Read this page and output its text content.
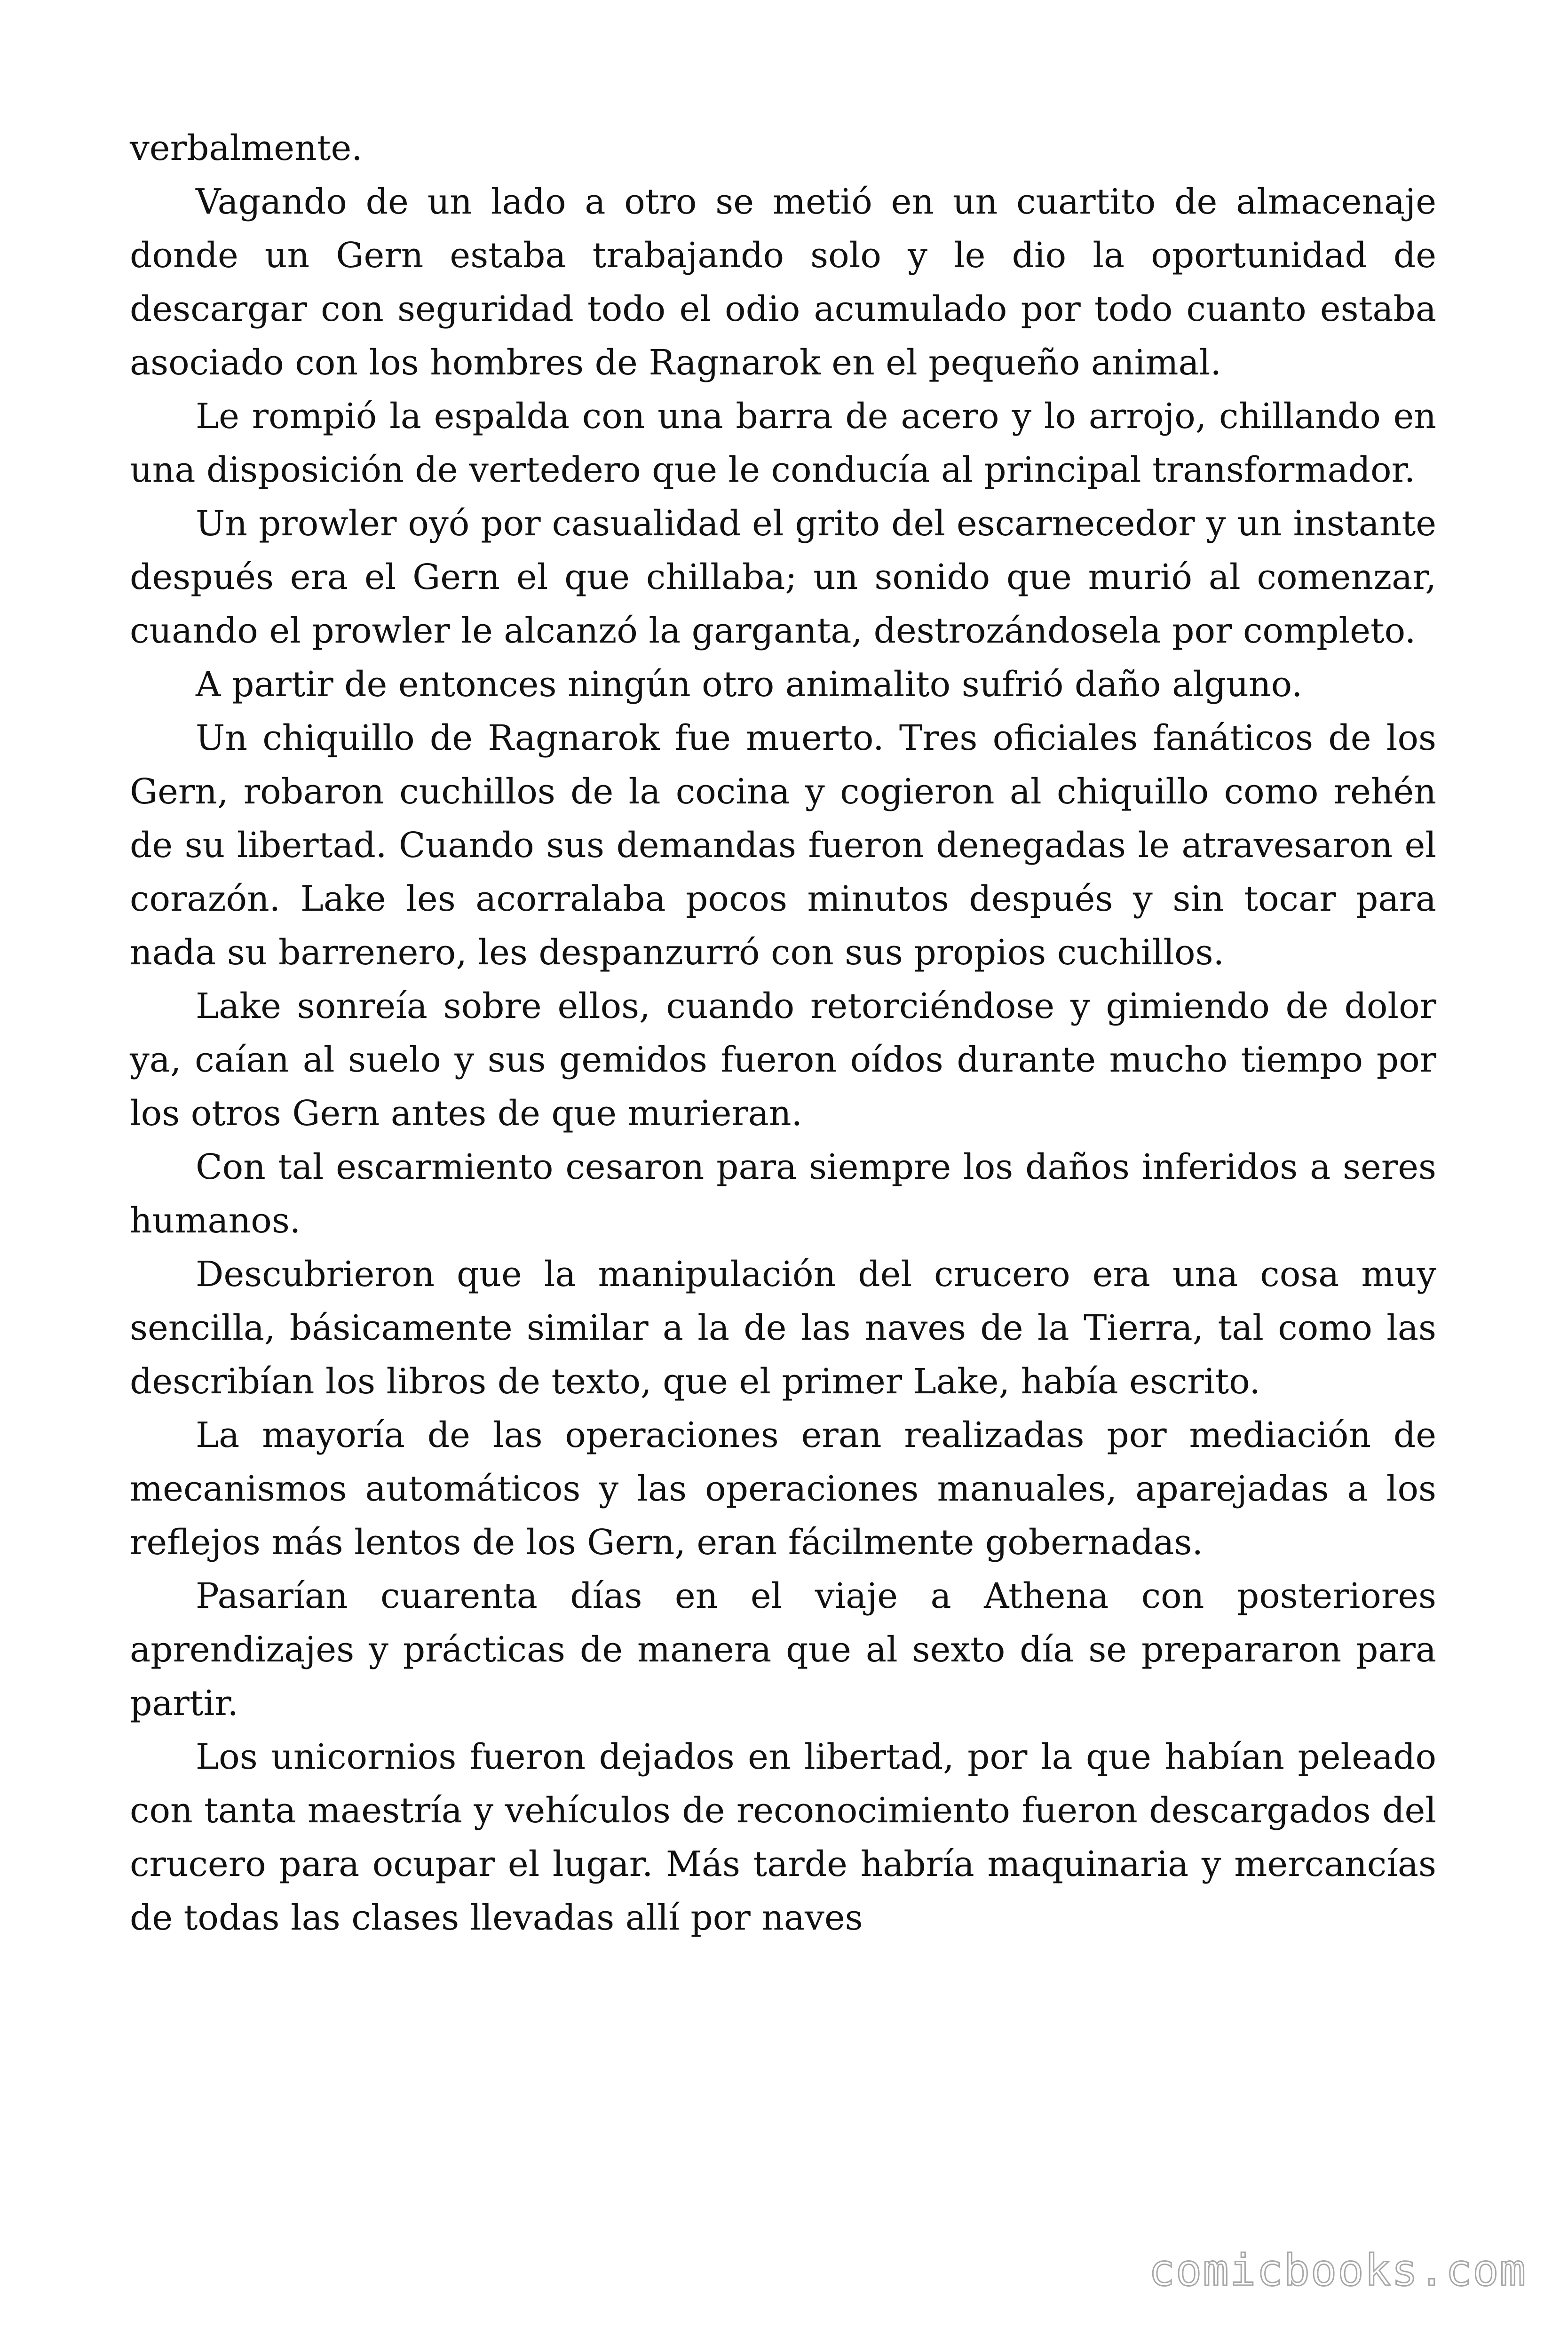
verbalmente.

Vagando de un lado a otro se metió en un cuartito de almacenaje donde un Gern estaba trabajando solo y le dio la oportunidad de descargar con seguridad todo el odio acumulado por todo cuanto estaba asociado con los hombres de Ragnarok en el pequeño animal.

Le rompió la espalda con una barra de acero y lo arrojo, chillando en una disposición de vertedero que le conducía al principal transformador.

Un prowler oyó por casualidad el grito del escarnecedor y un instante después era el Gern el que chillaba; un sonido que murió al comenzar, cuando el prowler le alcanzó la garganta, destrozándosela por completo.

A partir de entonces ningún otro animalito sufrió daño alguno.

Un chiquillo de Ragnarok fue muerto. Tres oficiales fanáticos de los Gern, robaron cuchillos de la cocina y cogieron al chiquillo como rehén de su libertad. Cuando sus demandas fueron denegadas le atravesaron el corazón. Lake les acorralaba pocos minutos después y sin tocar para nada su barrenero, les despanzurró con sus propios cuchillos.

Lake sonreía sobre ellos, cuando retorciéndose y gimiendo de dolor ya, caían al suelo y sus gemidos fueron oídos durante mucho tiempo por los otros Gern antes de que murieran.

Con tal escarmiento cesaron para siempre los daños inferidos a seres humanos.

Descubrieron que la manipulación del crucero era una cosa muy sencilla, básicamente similar a la de las naves de la Tierra, tal como las describían los libros de texto, que el primer Lake, había escrito.

La mayoría de las operaciones eran realizadas por mediación de mecanismos automáticos y las operaciones manuales, aparejadas a los reflejos más lentos de los Gern, eran fácilmente gobernadas.

Pasarían cuarenta días en el viaje a Athena con posteriores aprendizajes y prácticas de manera que al sexto día se prepararon para partir.

Los unicornios fueron dejados en libertad, por la que habían peleado con tanta maestría y vehículos de reconocimiento fueron descargados del crucero para ocupar el lugar. Más tarde habría maquinaria y mercancías de todas las clases llevadas allí por naves

comicbooks.com
